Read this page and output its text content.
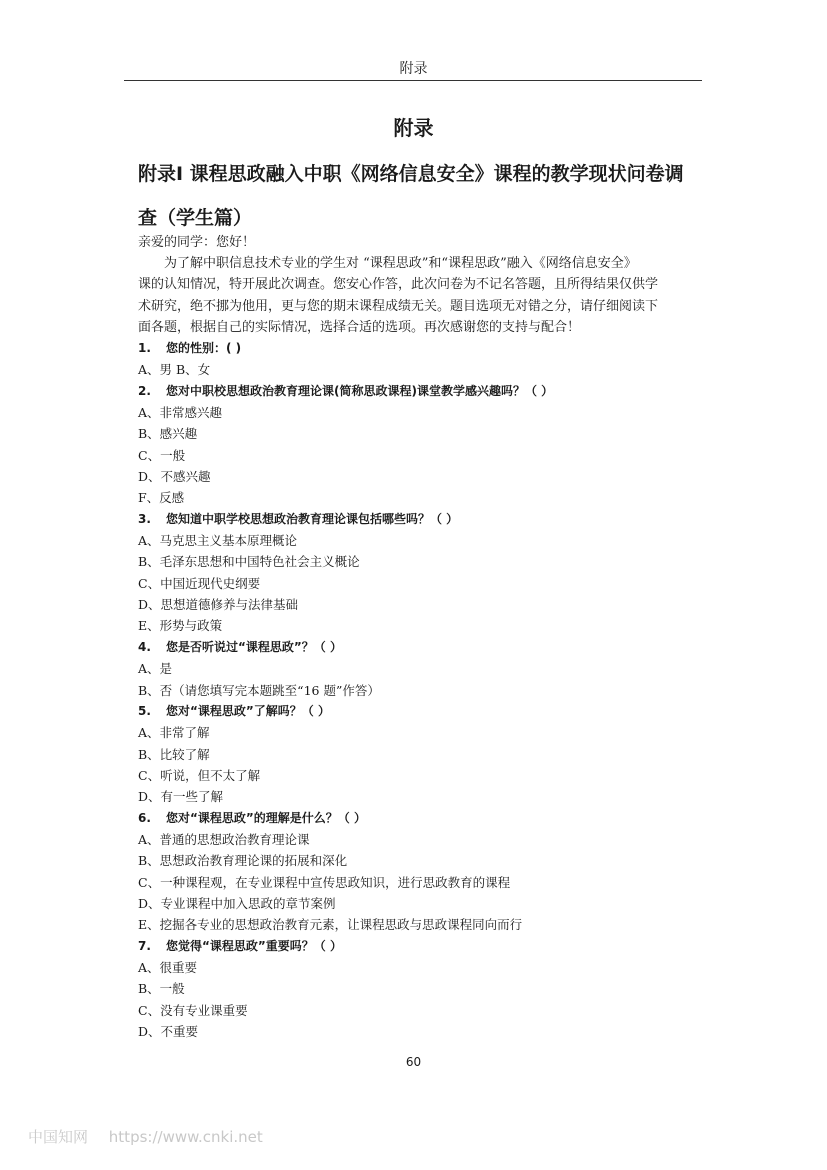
附录
附录
附录Ⅰ 课程思政融入中职《网络信息安全》课程的教学现状问卷调
查（学生篇）
亲爱的同学：您好！
为了解中职信息技术专业的学生对 “课程思政”和“课程思政”融入《网络信息安全》
课的认知情况，特开展此次调查。您安心作答，此次问卷为不记名答题，且所得结果仅供学
术研究，绝不挪为他用，更与您的期末课程成绩无关。题目选项无对错之分，请仔细阅读下
面各题，根据自己的实际情况，选择合适的选项。再次感谢您的支持与配合！
1. 您的性别：( )
A、男 B、女
2. 您对中职校思想政治教育理论课(简称思政课程)课堂教学感兴趣吗？（ ）
A、非常感兴趣
B、感兴趣
C、一般
D、不感兴趣
F、反感
3. 您知道中职学校思想政治教育理论课包括哪些吗？（ ）
A、马克思主义基本原理概论
B、毛泽东思想和中国特色社会主义概论
C、中国近现代史纲要
D、思想道德修养与法律基础
E、形势与政策
4. 您是否听说过“课程思政”？（ ）
A、是
B、否（请您填写完本题跳至“16 题”作答）
5. 您对“课程思政”了解吗？（ ）
A、非常了解
B、比较了解
C、听说，但不太了解
D、有一些了解
6. 您对“课程思政”的理解是什么？（ ）
A、普通的思想政治教育理论课
B、思想政治教育理论课的拓展和深化
C、一种课程观，在专业课程中宣传思政知识，进行思政教育的课程
D、专业课程中加入思政的章节案例
E、挖掘各专业的思想政治教育元素，让课程思政与思政课程同向而行
7. 您觉得“课程思政”重要吗？（ ）
A、很重要
B、一般
C、没有专业课重要
D、不重要
60
中国知网 https://www.cnki.net
